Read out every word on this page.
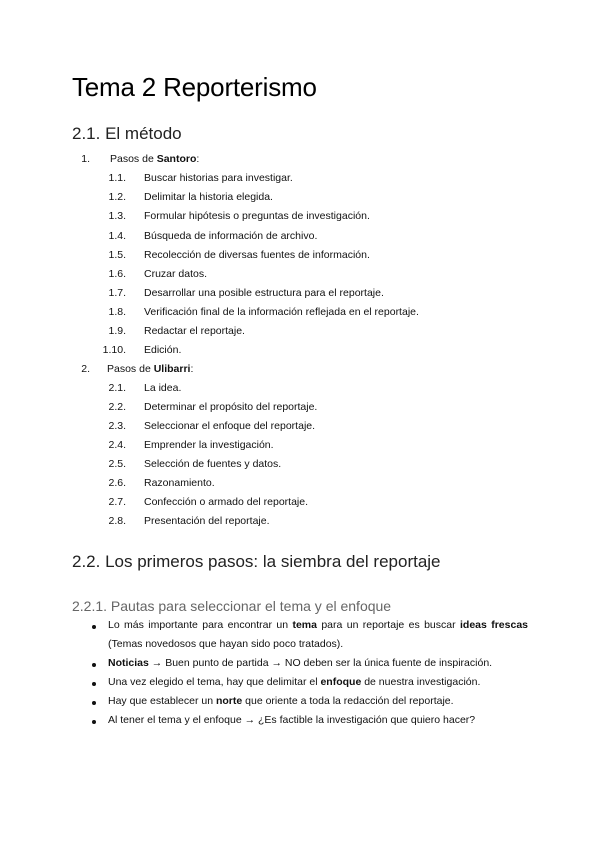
Tema 2 Reporterismo
2.1. El método
1. Pasos de Santoro:
1.1. Buscar historias para investigar.
1.2. Delimitar la historia elegida.
1.3. Formular hipótesis o preguntas de investigación.
1.4. Búsqueda de información de archivo.
1.5. Recolección de diversas fuentes de información.
1.6. Cruzar datos.
1.7. Desarrollar una posible estructura para el reportaje.
1.8. Verificación final de la información reflejada en el reportaje.
1.9. Redactar el reportaje.
1.10. Edición.
2. Pasos de Ulibarri:
2.1. La idea.
2.2. Determinar el propósito del reportaje.
2.3. Seleccionar el enfoque del reportaje.
2.4. Emprender la investigación.
2.5. Selección de fuentes y datos.
2.6. Razonamiento.
2.7. Confección o armado del reportaje.
2.8. Presentación del reportaje.
2.2. Los primeros pasos: la siembra del reportaje
2.2.1. Pautas para seleccionar el tema y el enfoque
Lo más importante para encontrar un tema para un reportaje es buscar ideas frescas (Temas novedosos que hayan sido poco tratados).
Noticias → Buen punto de partida → NO deben ser la única fuente de inspiración.
Una vez elegido el tema, hay que delimitar el enfoque de nuestra investigación.
Hay que establecer un norte que oriente a toda la redacción del reportaje.
Al tener el tema y el enfoque → ¿Es factible la investigación que quiero hacer?
